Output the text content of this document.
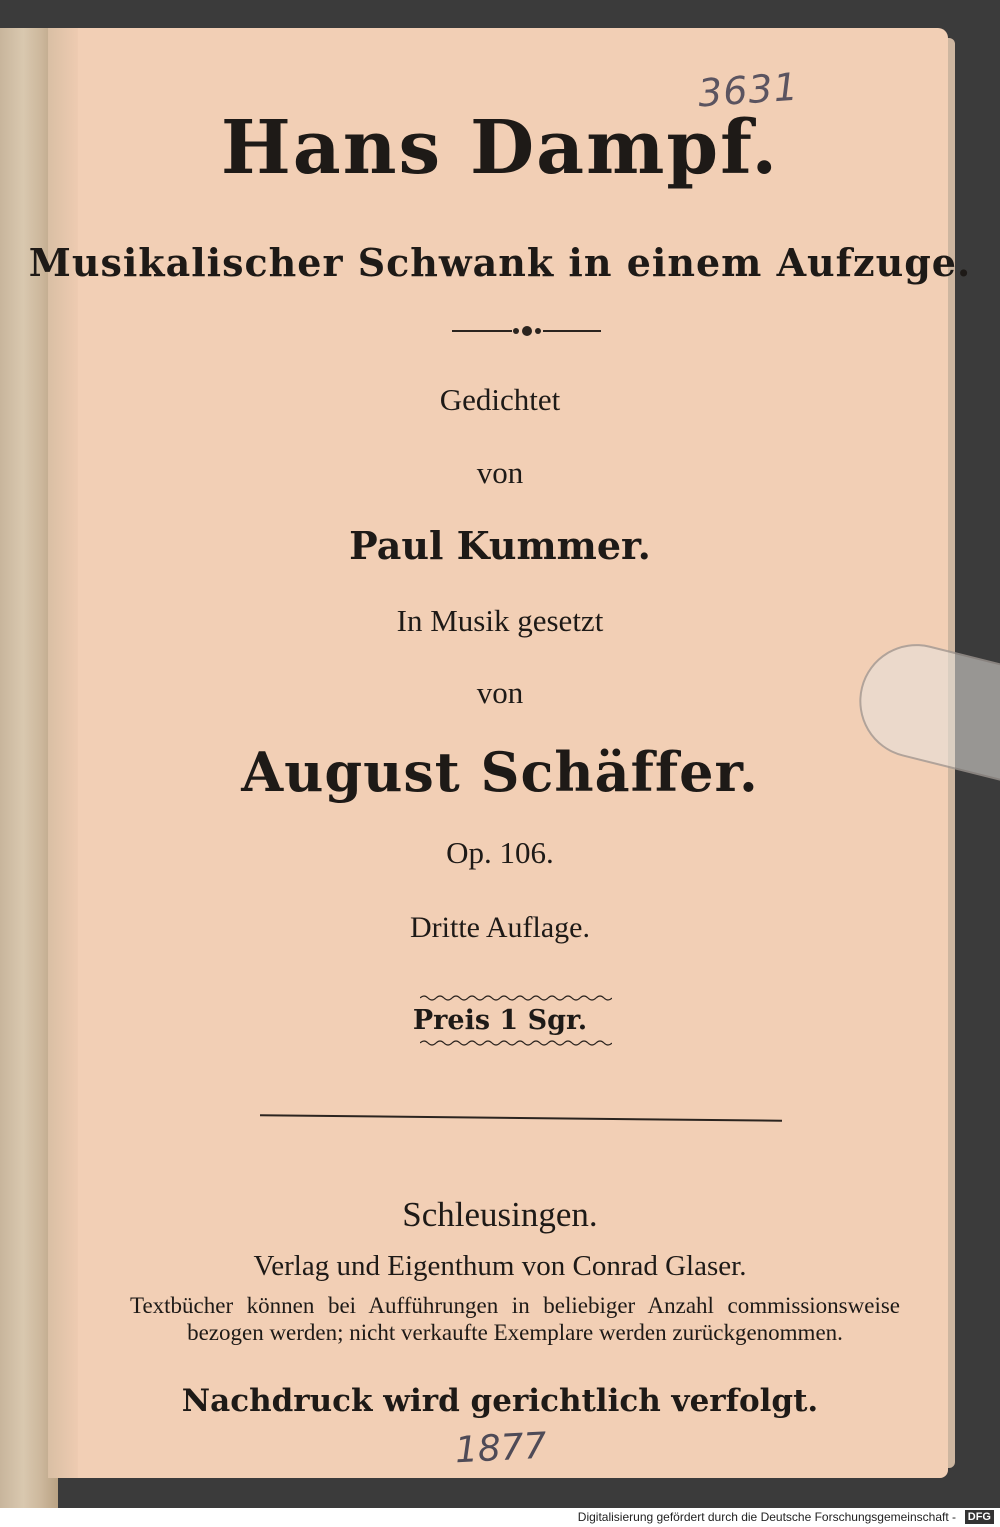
3631

Hans Dampf.

Musikalischer Schwank in einem Aufzuge.

Gedichtet

von

Paul Kummer.

In Musik gesetzt

von

August Schäffer.

Op. 106.

Dritte Auflage.

Preis 1 Sgr.

Schleusingen.

Verlag und Eigenthum von Conrad Glaser.

Textbücher können bei Aufführungen in beliebiger Anzahl commissionsweise bezogen werden; nicht verkaufte Exemplare werden zurückgenommen.

Nachdruck wird gerichtlich verfolgt.

1877

Digitalisierung gefördert durch die Deutsche Forschungsgemeinschaft - DFG
